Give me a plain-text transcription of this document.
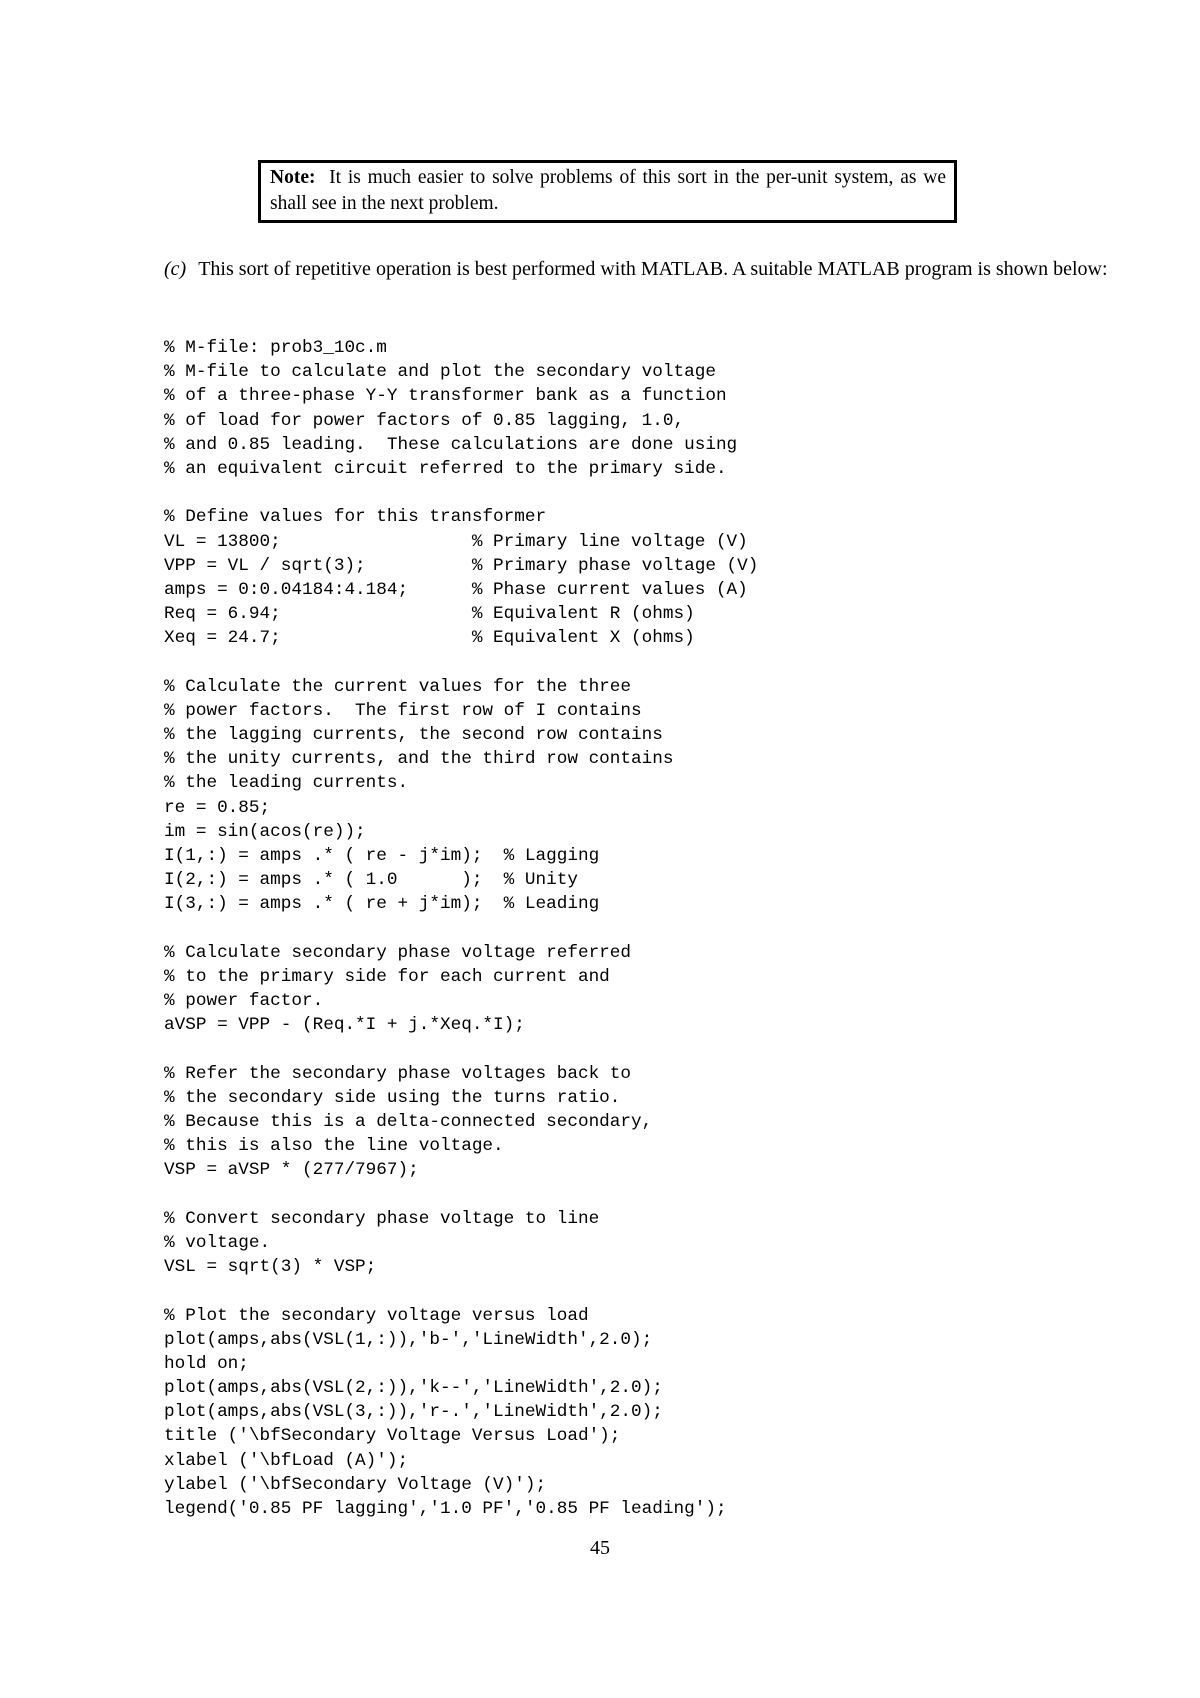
Note: It is much easier to solve problems of this sort in the per-unit system, as we shall see in the next problem.
(c) This sort of repetitive operation is best performed with MATLAB. A suitable MATLAB program is shown below:
% M-file: prob3_10c.m
% M-file to calculate and plot the secondary voltage
% of a three-phase Y-Y transformer bank as a function
% of load for power factors of 0.85 lagging, 1.0,
% and 0.85 leading.  These calculations are done using
% an equivalent circuit referred to the primary side.
% Define values for this transformer
VL = 13800;                  % Primary line voltage (V)
VPP = VL / sqrt(3);          % Primary phase voltage (V)
amps = 0:0.04184:4.184;      % Phase current values (A)
Req = 6.94;                  % Equivalent R (ohms)
Xeq = 24.7;                  % Equivalent X (ohms)
% Calculate the current values for the three
% power factors.  The first row of I contains
% the lagging currents, the second row contains
% the unity currents, and the third row contains
% the leading currents.
re = 0.85;
im = sin(acos(re));
I(1,:) = amps .* ( re - j*im);  % Lagging
I(2,:) = amps .* ( 1.0      );  % Unity
I(3,:) = amps .* ( re + j*im);  % Leading
% Calculate secondary phase voltage referred
% to the primary side for each current and
% power factor.
aVSP = VPP - (Req.*I + j.*Xeq.*I);
% Refer the secondary phase voltages back to
% the secondary side using the turns ratio.
% Because this is a delta-connected secondary,
% this is also the line voltage.
VSP = aVSP * (277/7967);
% Convert secondary phase voltage to line
% voltage.
VSL = sqrt(3) * VSP;
% Plot the secondary voltage versus load
plot(amps,abs(VSL(1,:)),'b-','LineWidth',2.0);
hold on;
plot(amps,abs(VSL(2,:)),'k--','LineWidth',2.0);
plot(amps,abs(VSL(3,:)),'r-.','LineWidth',2.0);
title ('\bfSecondary Voltage Versus Load');
xlabel ('\bfLoad (A)');
ylabel ('\bfSecondary Voltage (V)');
legend('0.85 PF lagging','1.0 PF','0.85 PF leading');
45
